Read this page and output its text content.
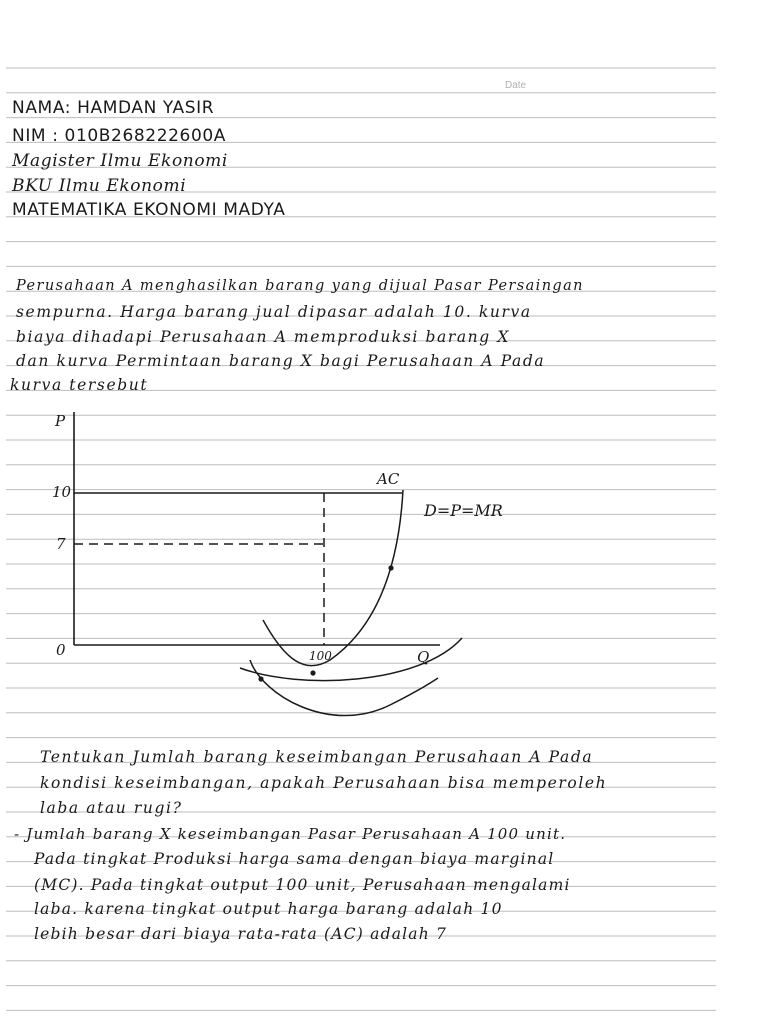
Date
NAMA: HAMDAN YASIR
NIM : 010B268222600A
Magister Ilmu Ekonomi
BKU Ilmu Ekonomi
MATEMATIKA EKONOMI MADYA
Perusahaan A menghasilkan barang yang dijual Pasar Persaingan
sempurna. Harga barang jual dipasar adalah 10. kurva
biaya dihadapi Perusahaan A memproduksi barang X
dan kurva Permintaan barang X bagi Perusahaan A Pada
kurva tersebut
P
10
7
0	100	Q
AC
D=P=MR
Tentukan Jumlah barang keseimbangan Perusahaan A Pada
kondisi keseimbangan, apakah Perusahaan bisa memperoleh
laba atau rugi?
- Jumlah barang X keseimbangan Pasar Perusahaan A 100 unit.
Pada tingkat Produksi harga sama dengan biaya marginal
(MC). Pada tingkat output 100 unit, Perusahaan mengalami
laba. karena tingkat output harga barang adalah 10
lebih besar dari biaya rata-rata (AC) adalah 7
